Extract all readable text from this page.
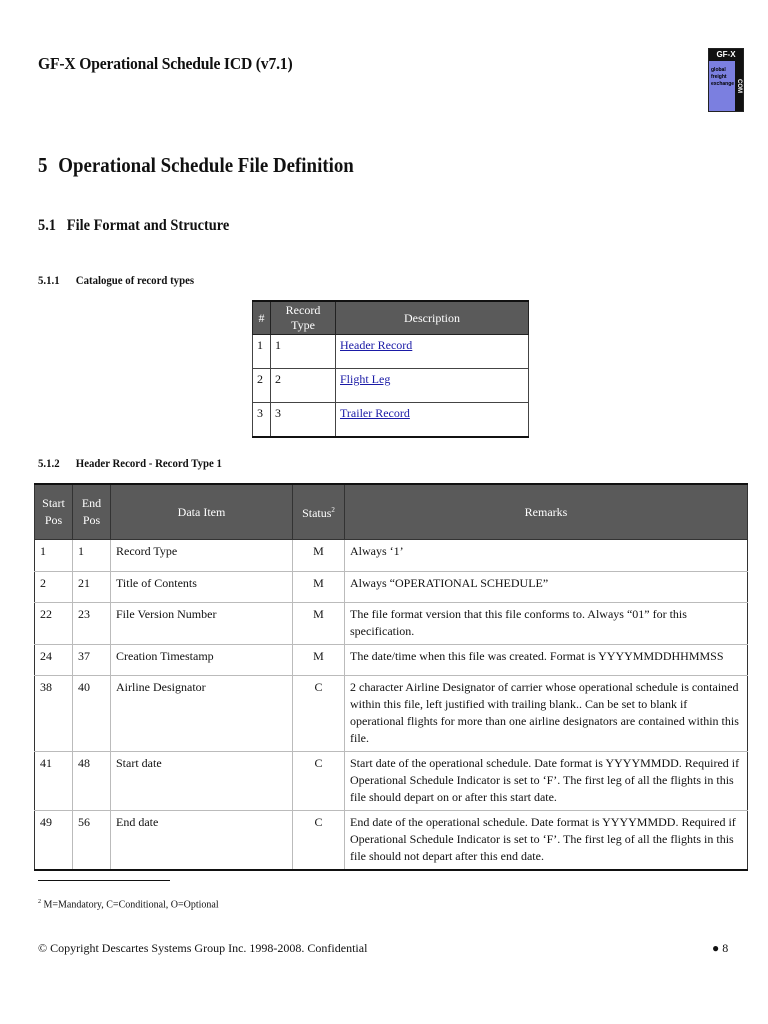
GF-X Operational Schedule ICD (v7.1)	GF-X
global
freight
exchange COM
5 Operational Schedule File Definition
5.1 File Format and Structure
5.1.1 Catalogue of record types
#	Record Type	Description
1	1	Header Record
2	2	Flight Leg
3	3	Trailer Record
5.1.2 Header Record - Record Type 1
Start Pos	End Pos	Data Item	Status$^2$	Remarks
1	1	Record Type	M	Always ‘1’
2	21	Title of Contents	M	Always “OPERATIONAL SCHEDULE”
22	23	File Version Number	M	The file format version that this file conforms to. Always “01” for this specification.
24	37	Creation Timestamp	M	The date/time when this file was created. Format is YYYYMMDDHHMMSS
38	40	Airline Designator	C	2 character Airline Designator of carrier whose operational schedule is contained within this file, left justified with trailing blank.. Can be set to blank if operational flights for more than one airline designators are contained within this file.
41	48	Start date	C	Start date of the operational schedule. Date format is YYYYMMDD. Required if Operational Schedule Indicator is set to ‘F’. The first leg of all the flights in this file should depart on or after this start date.
49	56	End date	C	End date of the operational schedule. Date format is YYYYMMDD. Required if Operational Schedule Indicator is set to ‘F’. The first leg of all the flights in this file should not depart after this end date.
$^2$ M=Mandatory, C=Conditional, O=Optional
© Copyright Descartes Systems Group Inc. 1998-2008. Confidential	● 8
